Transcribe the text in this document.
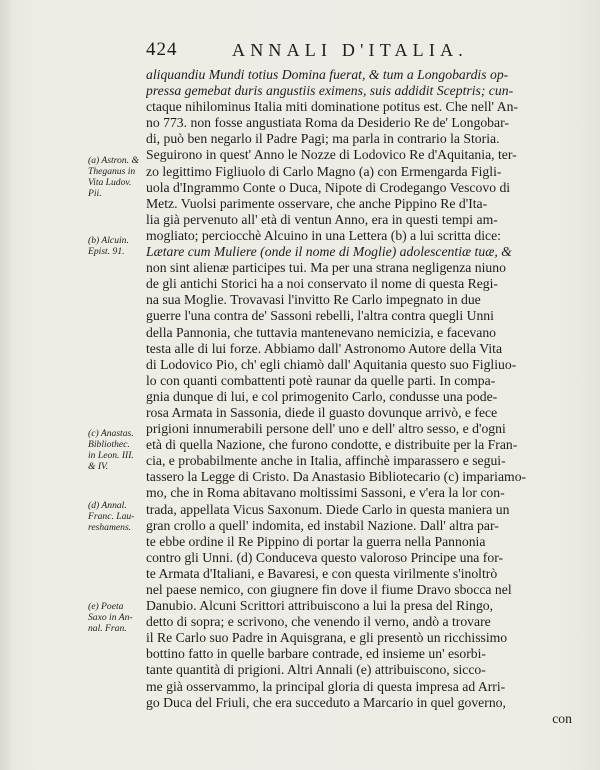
424	ANNALI D'ITALIA.
(a) Astron. &
Theganus in
Vita Ludov.
Pii.
(b) Alcuin.
Epist. 91.
(c) Anastas.
Bibliothec.
in Leon. III.
& IV.
(d) Annal.
Franc. Lau-
reshamens.
(e) Poeta
Saxo in An-
nal. Fran.
aliquandiu Mundi totius Domina fuerat, & tum a Longobardis op-
pressa gemebat duris angustiis eximens, suis addidit Sceptris; cun-
ctaque nihilominus Italia miti dominatione potitus est. Che nell' An-
no 773. non fosse angustiata Roma da Desiderio Re de' Longobar-
di, può ben negarlo il Padre Pagi; ma parla in contrario la Storia.
Seguirono in quest' Anno le Nozze di Lodovico Re d'Aquitania, ter-
zo legittimo Figliuolo di Carlo Magno (a) con Ermengarda Figli-
uola d'Ingrammo Conte o Duca, Nipote di Crodegango Vescovo di
Metz. Vuolsi parimente osservare, che anche Pippino Re d'Ita-
lia già pervenuto all' età di ventun Anno, era in questi tempi am-
mogliato; perciocchè Alcuino in una Lettera (b) a lui scritta dice:
Lætare cum Muliere (onde il nome di Moglie) adolescentiæ tuæ, &
non sint alienæ participes tui. Ma per una strana negligenza niuno
de gli antichi Storici ha a noi conservato il nome di questa Regi-
na sua Moglie. Trovavasi l'invitto Re Carlo impegnato in due
guerre l'una contra de' Sassoni rebelli, l'altra contra quegli Unni
della Pannonia, che tuttavia mantenevano nemicizia, e facevano
testa alle di lui forze. Abbiamo dall' Astronomo Autore della Vita
di Lodovico Pio, ch' egli chiamò dall' Aquitania questo suo Figliuo-
lo con quanti combattenti potè raunar da quelle parti. In compa-
gnia dunque di lui, e col primogenito Carlo, condusse una pode-
rosa Armata in Sassonia, diede il guasto dovunque arrivò, e fece
prigioni innumerabili persone dell' uno e dell' altro sesso, e d'ogni
età di quella Nazione, che furono condotte, e distribuite per la Fran-
cia, e probabilmente anche in Italia, affinchè imparassero e segui-
tassero la Legge di Cristo. Da Anastasio Bibliotecario (c) impariamo-
mo, che in Roma abitavano moltissimi Sassoni, e v'era la lor con-
trada, appellata Vicus Saxonum. Diede Carlo in questa maniera un
gran crollo a quell' indomita, ed instabil Nazione. Dall' altra par-
te ebbe ordine il Re Pippino di portar la guerra nella Pannonia
contro gli Unni. (d) Conduceva questo valoroso Principe una for-
te Armata d'Italiani, e Bavaresi, e con questa virilmente s'inoltrò
nel paese nemico, con giugnere fin dove il fiume Dravo sbocca nel
Danubio. Alcuni Scrittori attribuiscono a lui la presa del Ringo,
detto di sopra; e scrivono, che venendo il verno, andò a trovare
il Re Carlo suo Padre in Aquisgrana, e gli presentò un ricchissimo
bottino fatto in quelle barbare contrade, ed insieme un' esorbi-
tante quantità di prigioni. Altri Annali (e) attribuiscono, sicco-
me già osservammo, la principal gloria di questa impresa ad Arri-
go Duca del Friuli, che era succeduto a Marcario in quel governo,
con
